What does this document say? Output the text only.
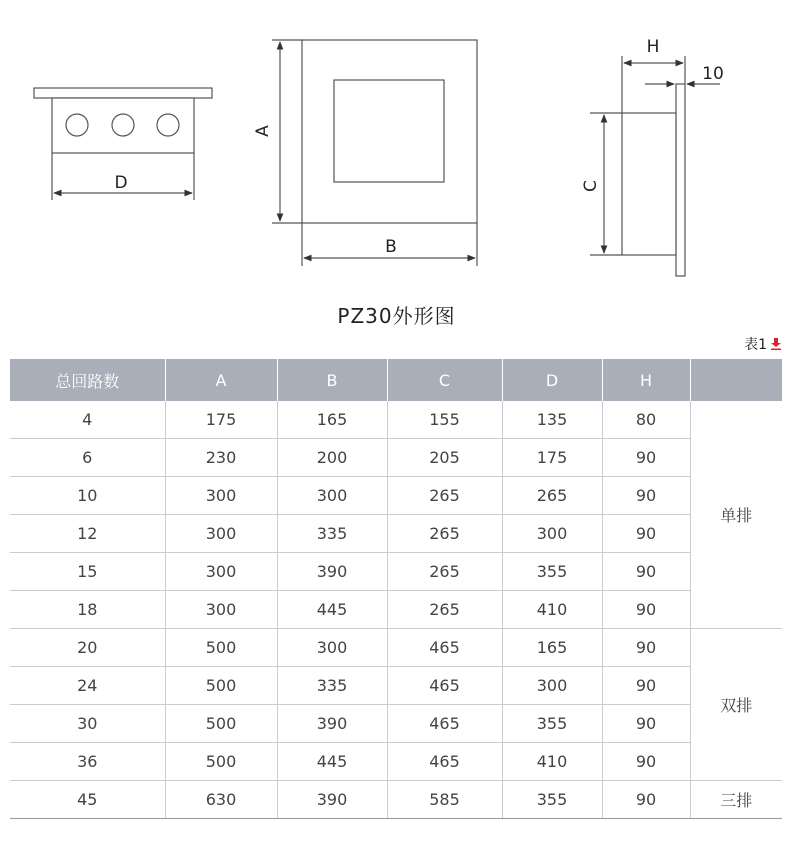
D
A
B
H
10
C
PZ30外形图
表1
总回路数	A	B	C	D	H	
4	175	165	155	135	80	单排
6	230	200	205	175	90	
10	300	300	265	265	90	
12	300	335	265	300	90	
15	300	390	265	355	90	
18	300	445	265	410	90	
20	500	300	465	165	90	双排
24	500	335	465	300	90	
30	500	390	465	355	90	
36	500	445	465	410	90	
45	630	390	585	355	90	三排
